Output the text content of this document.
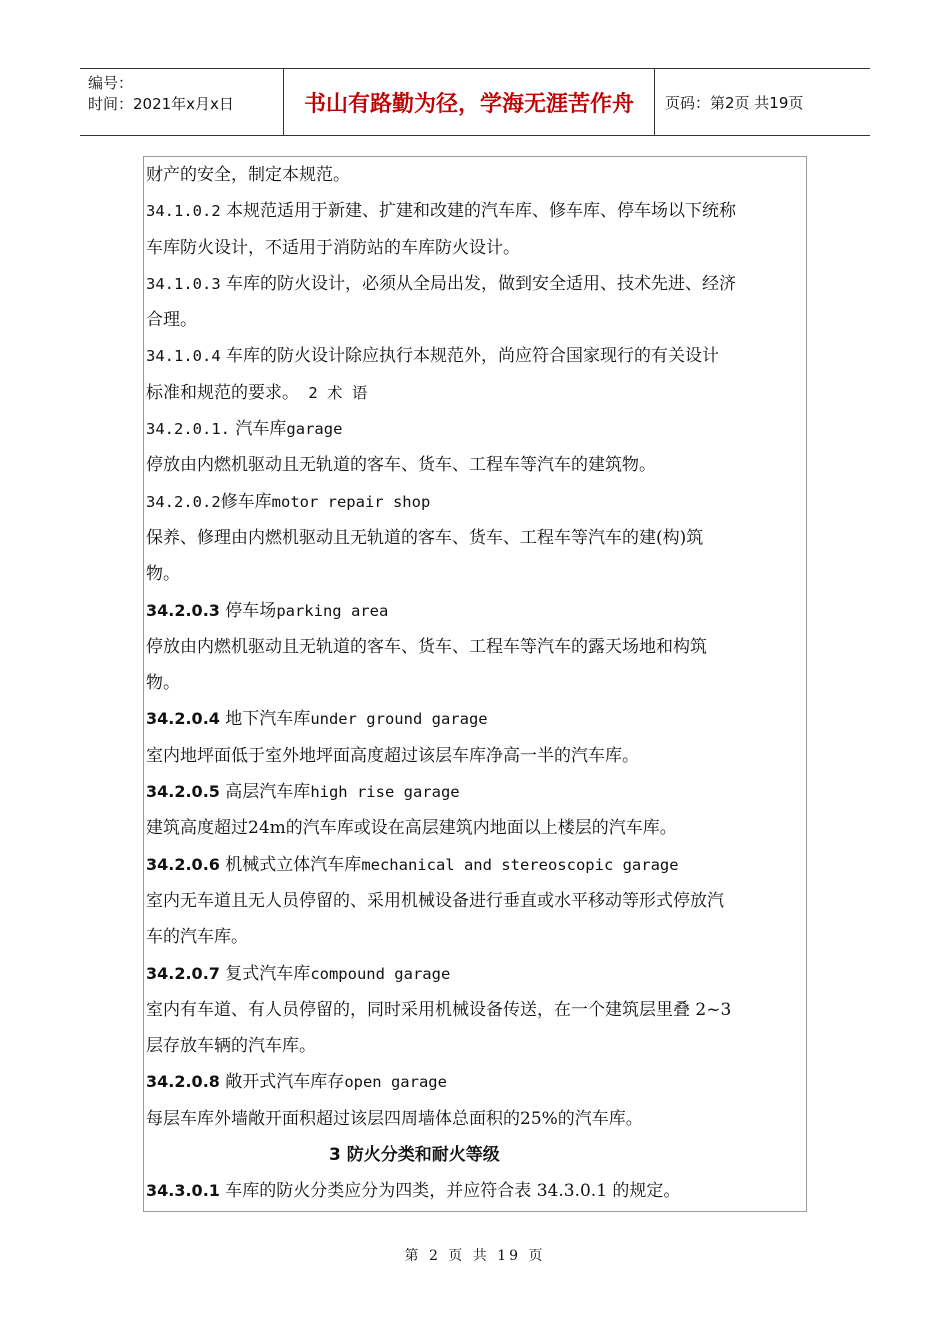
编号：
时间：2021年x月x日	书山有路勤为径，学海无涯苦作舟	页码：第2页 共19页
财产的安全，制定本规范。
34.1.0.2 本规范适用于新建、扩建和改建的汽车库、修车库、停车场以下统称
车库防火设计，不适用于消防站的车库防火设计。
34.1.0.3 车库的防火设计，必须从全局出发，做到安全适用、技术先进、经济
合理。
34.1.0.4 车库的防火设计除应执行本规范外，尚应符合国家现行的有关设计
标准和规范的要求。 2 术 语
34.2.0.1. 汽车库garage
停放由内燃机驱动且无轨道的客车、货车、工程车等汽车的建筑物。
34.2.0.2修车库motor repair shop
保养、修理由内燃机驱动且无轨道的客车、货车、工程车等汽车的建(构)筑
物。
34.2.0.3 停车场parking area
停放由内燃机驱动且无轨道的客车、货车、工程车等汽车的露天场地和构筑
物。
34.2.0.4 地下汽车库under ground garage
室内地坪面低于室外地坪面高度超过该层车库净高一半的汽车库。
34.2.0.5 高层汽车库high rise garage
建筑高度超过24m的汽车库或设在高层建筑内地面以上楼层的汽车库。
34.2.0.6 机械式立体汽车库mechanical and stereoscopic garage
室内无车道且无人员停留的、采用机械设备进行垂直或水平移动等形式停放汽
车的汽车库。
34.2.0.7 复式汽车库compound garage
室内有车道、有人员停留的，同时采用机械设备传送，在一个建筑层里叠 2~3
层存放车辆的汽车库。
34.2.0.8 敞开式汽车库存open garage
每层车库外墙敞开面积超过该层四周墙体总面积的25%的汽车库。
3 防火分类和耐火等级
34.3.0.1 车库的防火分类应分为四类，并应符合表 34.3.0.1 的规定。
第 2 页 共 19 页
